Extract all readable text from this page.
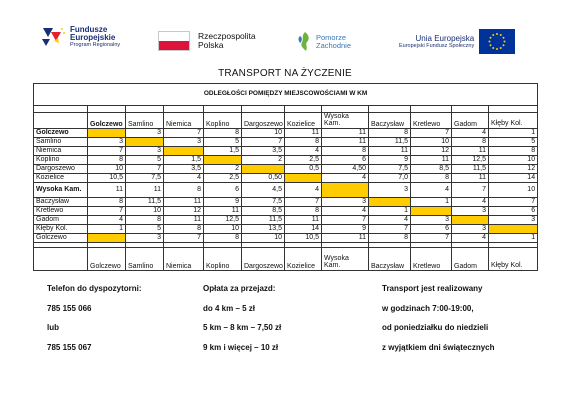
Fundusze
Europejskie
Program Regionalny
Rzeczpospolita
Polska
Pomorze
Zachodnie
Unia Europejska
Europejski Fundusz Społeczny
TRANSPORT NA ŻYCZENIE
ODLEGŁOŚCI POMIĘDZY MIEJSCOWOŚCIAMI W KM											

	Golczewo	Samlino	Niemica	Koplino	Dargoszewo	Kozielice	Wysoka Kam.	Baczysław	Kretlewo	Gadom	Kłęby Kol.
Golczewo		3	7	8	10	11	11	8	7	4	1
Samlino	3		3	5	7	8	11	11,5	10	8	5
Niemica	7	3		1,5	3,5	4	8	11	12	11	8
Koplino	8	5	1,5		2	2,5	6	9	11	12,5	10
Dargoszewo	10	7	3,5	2		0,5	4,50	7,5	8,5	11,5	12
Kozielice	10,5	7,5	4	2,5	0,50		4	7,0	8	11	14
Wysoka Kam.	11	11	8	6	4,5	4		3	4	7	10
Baczysław	8	11,5	11	9	7,5	7	3		1	4	7
Kretlewo	7	10	12	11	8,5	8	4	1		3	6
Gadom	4	8	11	12,5	11,5	11	7	4	3		3
Kłęby Kol.	1	5	8	10	13,5	14	9	7	6	3	
Golczewo		3	7	8	10	10,5	11	8	7	4	1

	Golczewo	Samlino	Niemica	Koplino	Dargoszewo	Kozielice	Wysoka Kam.	Baczysław	Kretlewo	Gadom	Kłęby Kol.
Telefon do dyspozytorni:
785 155 066
lub
785 155 067
Opłata za przejazd:
do 4 km – 5 zł
5 km – 8 km – 7,50 zł
9 km i więcej – 10 zł
Transport jest realizowany
w godzinach 7:00-19:00,
od poniedziałku do niedzieli
z wyjątkiem dni świątecznych
